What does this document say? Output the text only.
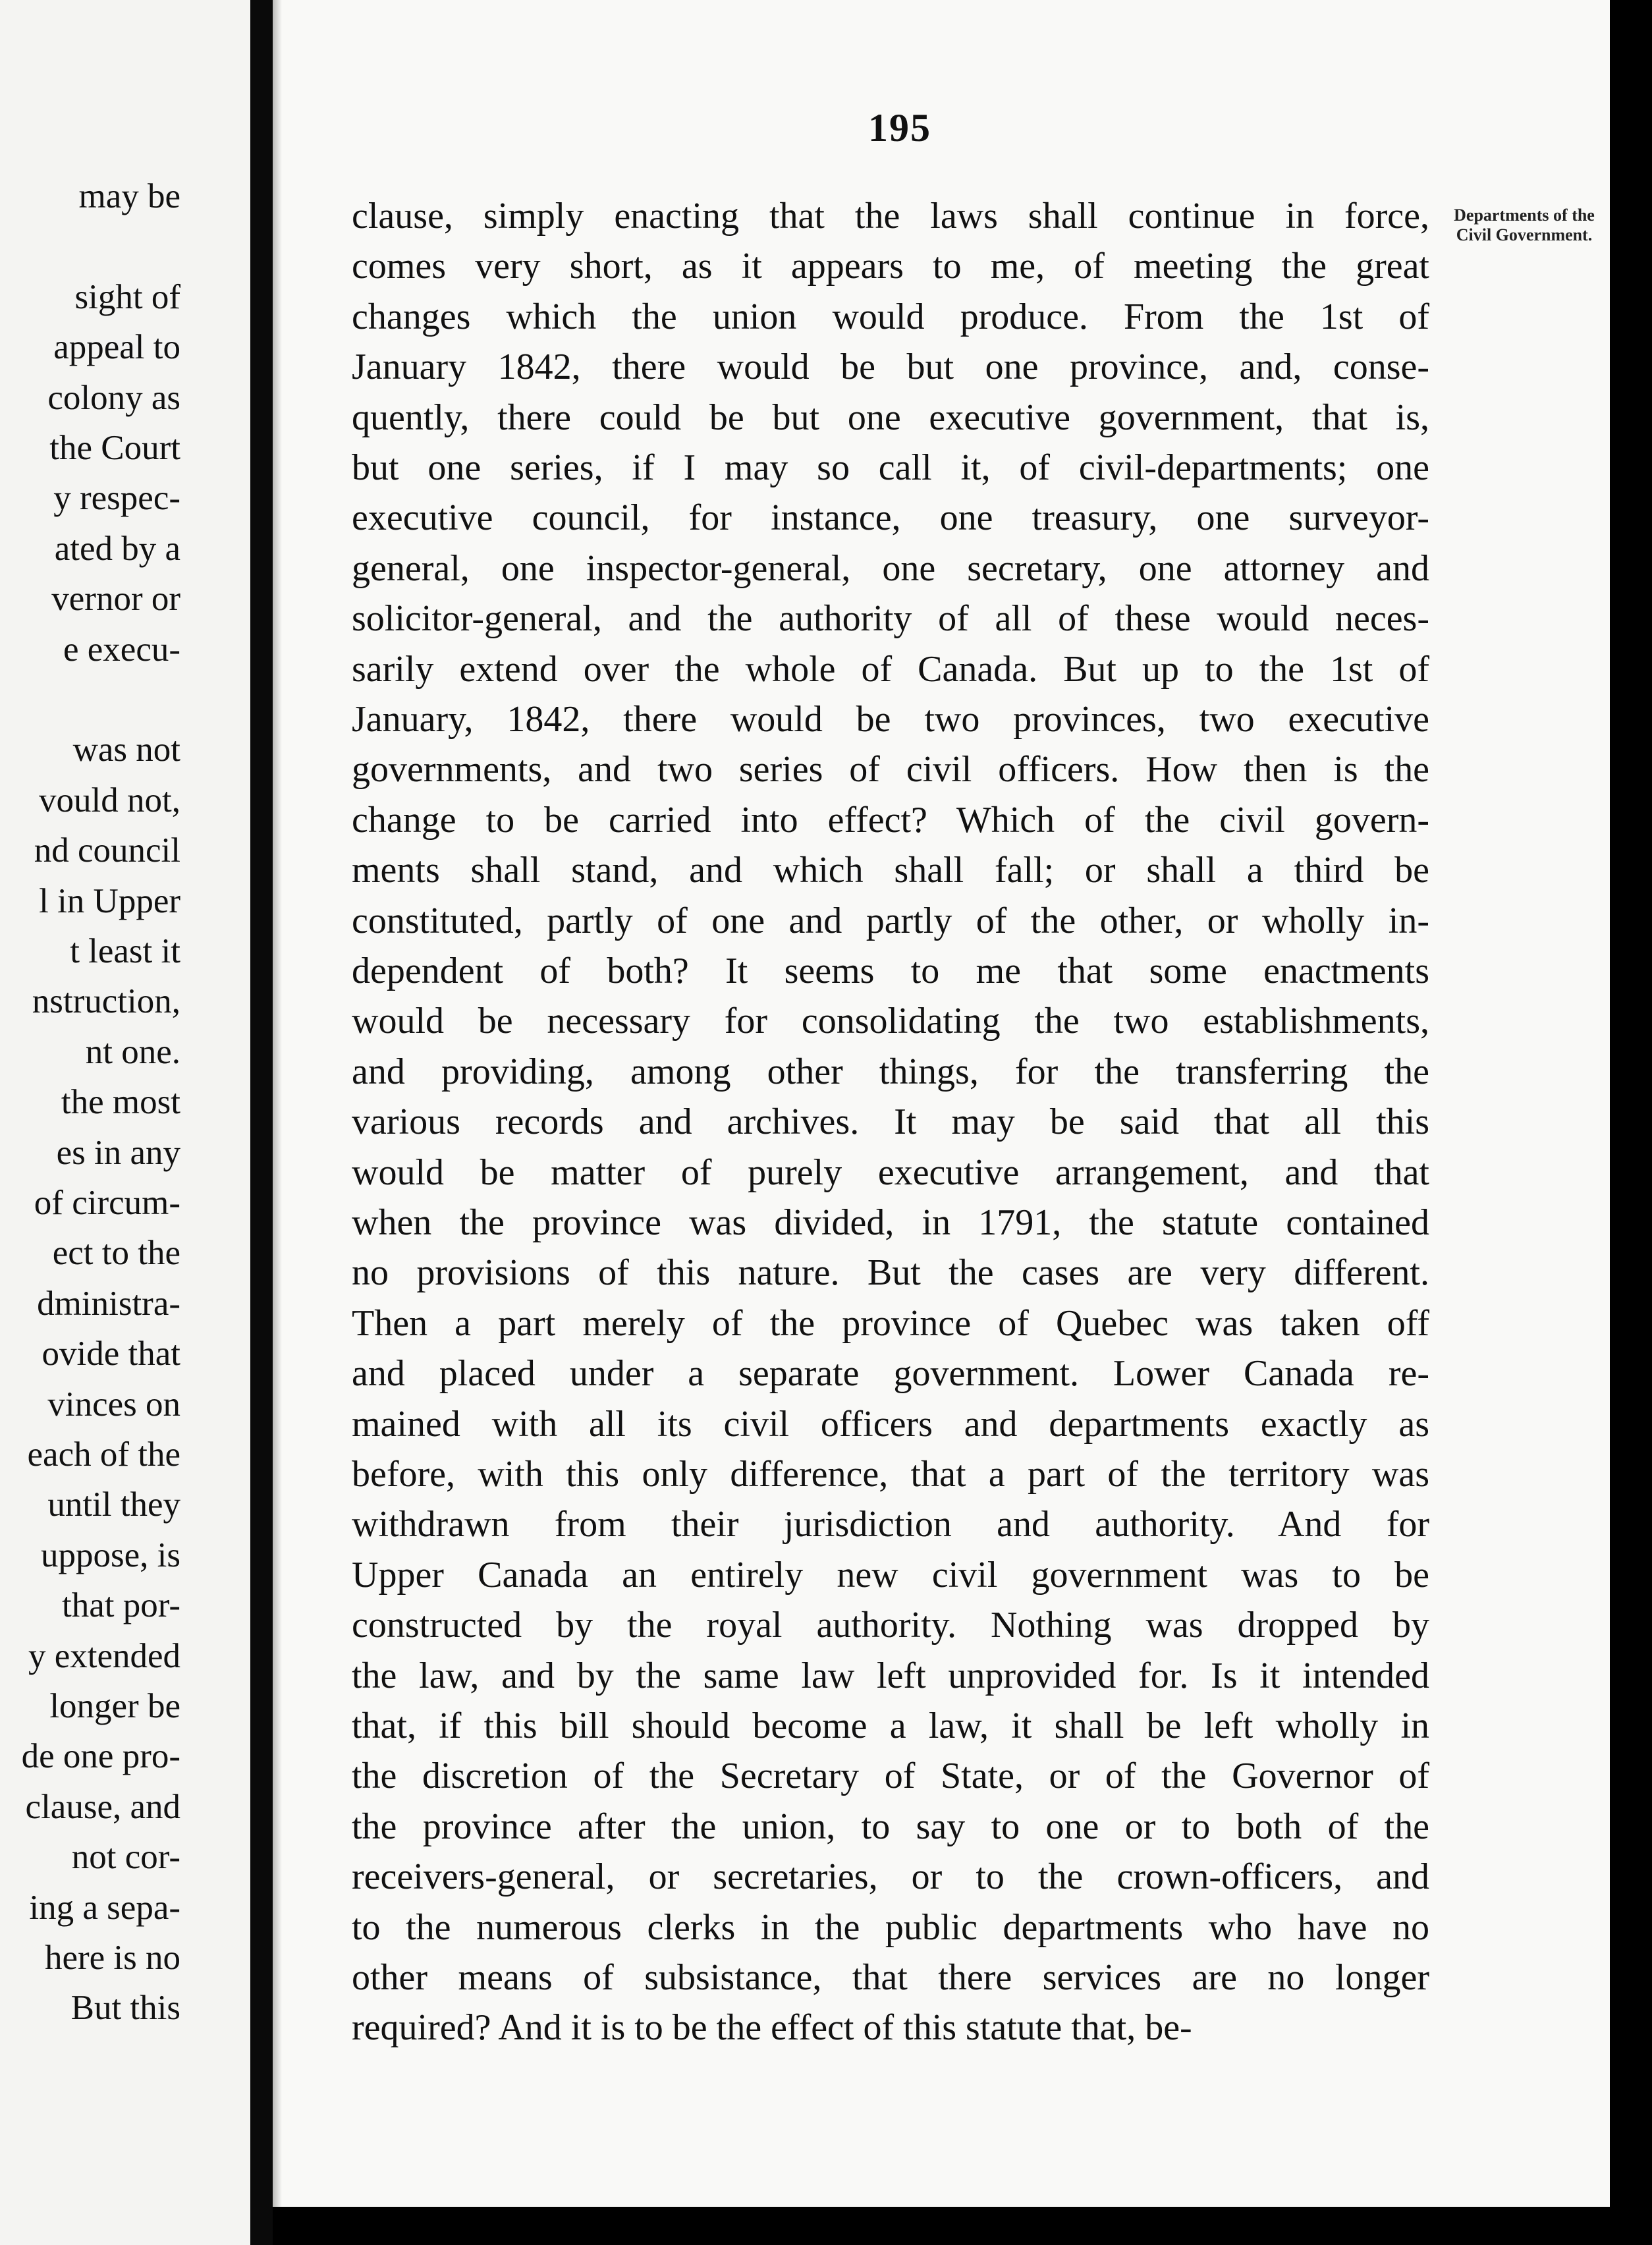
may be
sight of
appeal to
colony as
the Court
y respec-
ated by a
vernor or
e execu-
was not
vould not,
nd council
l in Upper
t least it
nstruction,
nt one.
the most
es in any
of circum-
ect to the
dministra-
ovide that
vinces on
each of the
until they
uppose, is
that por-
y extended
longer be
de one pro-
clause, and
not cor-
ing a sepa-
here is no
But this
195
Departments of the Civil Government.
clause, simply enacting that the laws shall continue in force,
comes very short, as it appears to me, of meeting the great
changes which the union would produce. From the 1st of
January 1842, there would be but one province, and, conse-
quently, there could be but one executive government, that is,
but one series, if I may so call it, of civil-departments; one
executive council, for instance, one treasury, one surveyor-
general, one inspector-general, one secretary, one attorney and
solicitor-general, and the authority of all of these would neces-
sarily extend over the whole of Canada. But up to the 1st of
January, 1842, there would be two provinces, two executive
governments, and two series of civil officers. How then is the
change to be carried into effect? Which of the civil govern-
ments shall stand, and which shall fall; or shall a third be
constituted, partly of one and partly of the other, or wholly in-
dependent of both? It seems to me that some enactments
would be necessary for consolidating the two establishments,
and providing, among other things, for the transferring the
various records and archives. It may be said that all this
would be matter of purely executive arrangement, and that
when the province was divided, in 1791, the statute contained
no provisions of this nature. But the cases are very different.
Then a part merely of the province of Quebec was taken off
and placed under a separate government. Lower Canada re-
mained with all its civil officers and departments exactly as
before, with this only difference, that a part of the territory was
withdrawn from their jurisdiction and authority. And for
Upper Canada an entirely new civil government was to be
constructed by the royal authority. Nothing was dropped by
the law, and by the same law left unprovided for. Is it intended
that, if this bill should become a law, it shall be left wholly in
the discretion of the Secretary of State, or of the Governor of
the province after the union, to say to one or to both of the
receivers-general, or secretaries, or to the crown-officers, and
to the numerous clerks in the public departments who have no
other means of subsistance, that there services are no longer
required? And it is to be the effect of this statute that, be-
